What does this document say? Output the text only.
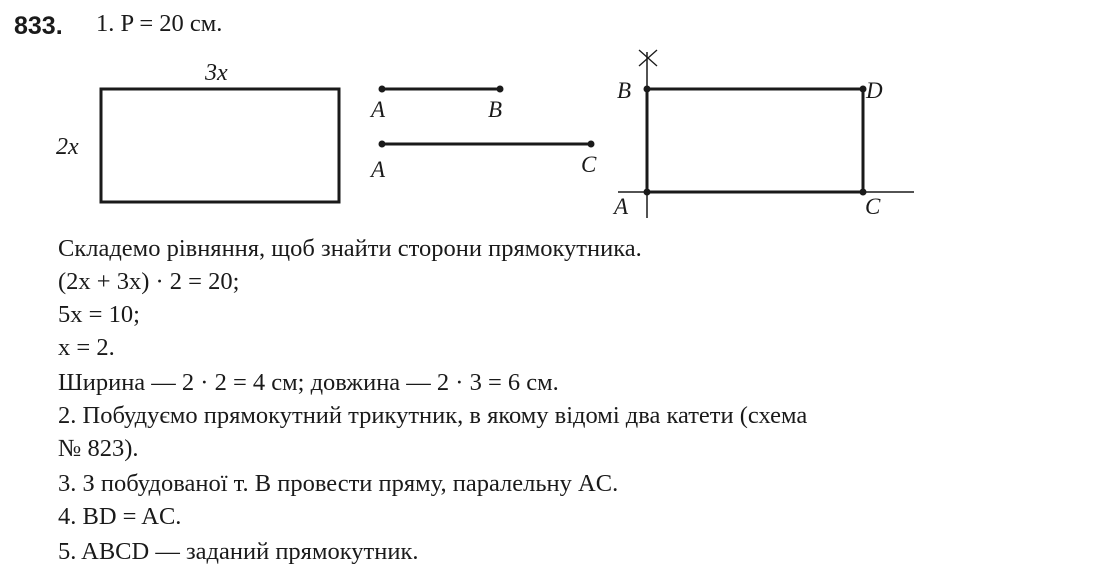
833. 1. P = 20 см.
3x
2x
A	B
A	C
B	D
A	C
Складемо рівняння, щоб знайти сторони прямокутника.
(2x + 3x) · 2 = 20;
5x = 10;
x = 2.
Ширина — 2 · 2 = 4 см; довжина — 2 · 3 = 6 см.
2. Побудуємо прямокутний трикутник, в якому відомі два катети (схема
№ 823).
3. З побудованої т. B провести пряму, паралельну AC.
4. BD = AC.
5. ABCD — заданий прямокутник.
